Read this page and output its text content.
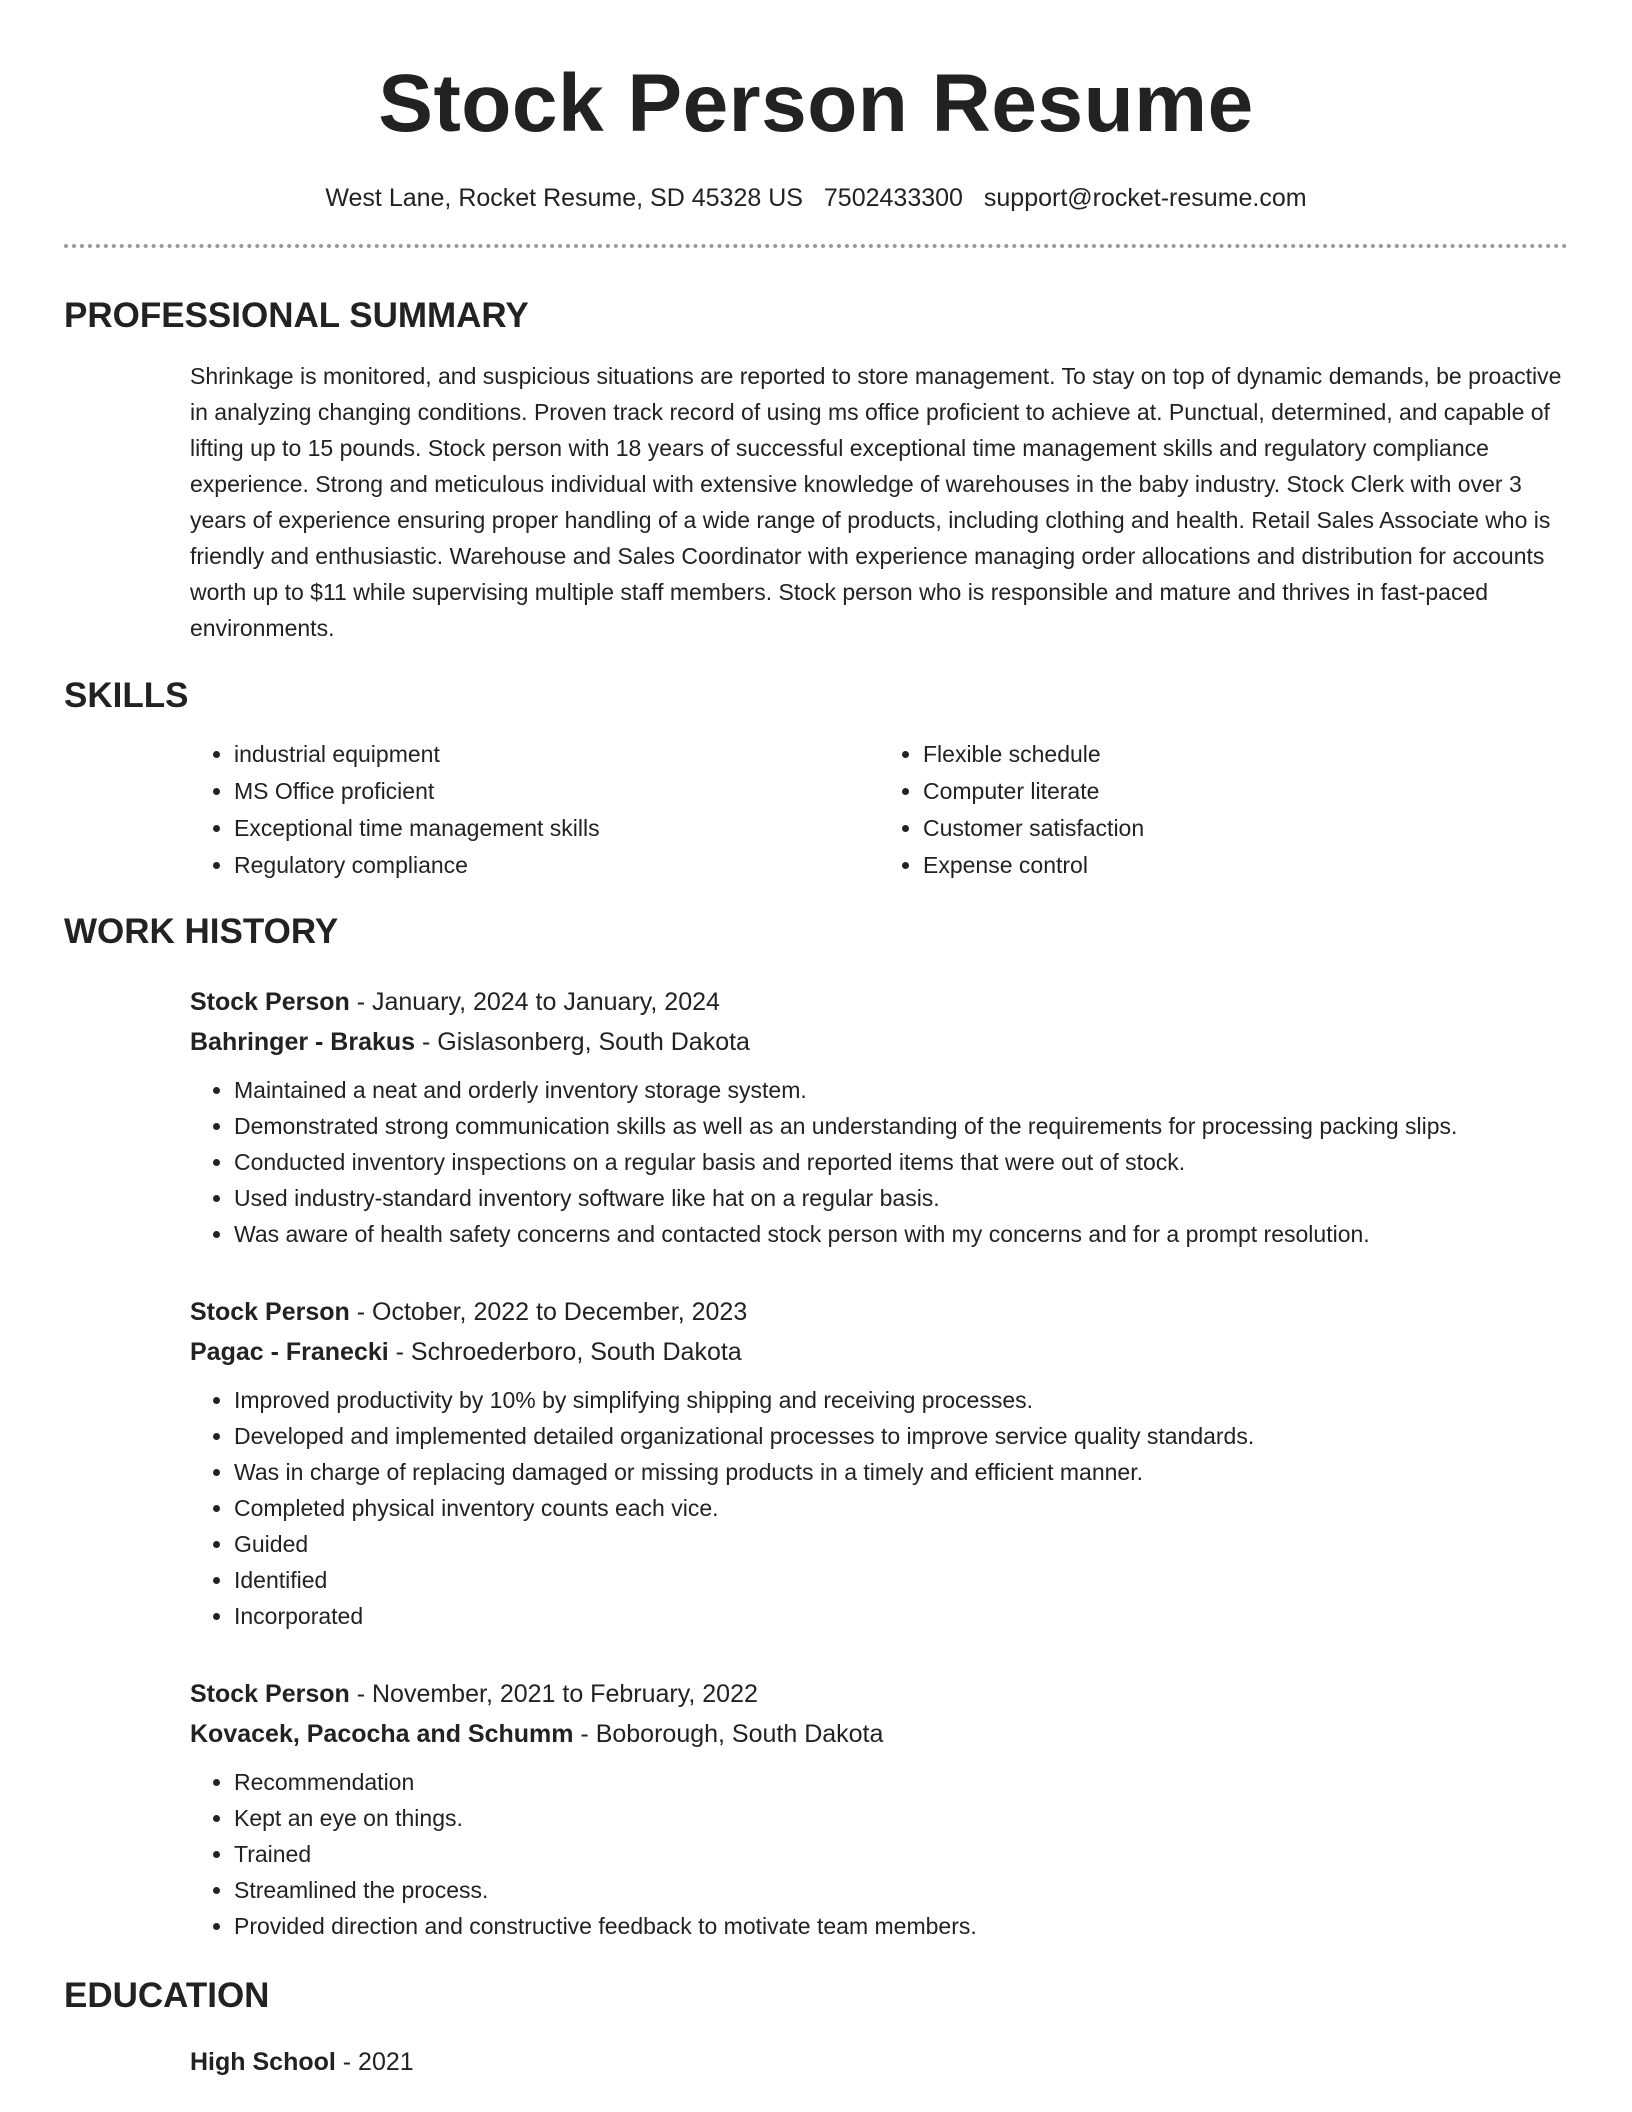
Stock Person Resume
West Lane, Rocket Resume, SD 45328 US 7502433300 support@rocket-resume.com
PROFESSIONAL SUMMARY
Shrinkage is monitored, and suspicious situations are reported to store management. To stay on top of dynamic demands, be proactive in analyzing changing conditions. Proven track record of using ms office proficient to achieve at. Punctual, determined, and capable of lifting up to 15 pounds. Stock person with 18 years of successful exceptional time management skills and regulatory compliance experience. Strong and meticulous individual with extensive knowledge of warehouses in the baby industry. Stock Clerk with over 3 years of experience ensuring proper handling of a wide range of products, including clothing and health. Retail Sales Associate who is friendly and enthusiastic. Warehouse and Sales Coordinator with experience managing order allocations and distribution for accounts worth up to $11 while supervising multiple staff members. Stock person who is responsible and mature and thrives in fast-paced environments.
SKILLS
• industrial equipment
• MS Office proficient
• Exceptional time management skills
• Regulatory compliance
• Flexible schedule
• Computer literate
• Customer satisfaction
• Expense control
WORK HISTORY
Stock Person - January, 2024 to January, 2024
Bahringer - Brakus - Gislasonberg, South Dakota
• Maintained a neat and orderly inventory storage system.
• Demonstrated strong communication skills as well as an understanding of the requirements for processing packing slips.
• Conducted inventory inspections on a regular basis and reported items that were out of stock.
• Used industry-standard inventory software like hat on a regular basis.
• Was aware of health safety concerns and contacted stock person with my concerns and for a prompt resolution.
Stock Person - October, 2022 to December, 2023
Pagac - Franecki - Schroederboro, South Dakota
• Improved productivity by 10% by simplifying shipping and receiving processes.
• Developed and implemented detailed organizational processes to improve service quality standards.
• Was in charge of replacing damaged or missing products in a timely and efficient manner.
• Completed physical inventory counts each vice.
• Guided
• Identified
• Incorporated
Stock Person - November, 2021 to February, 2022
Kovacek, Pacocha and Schumm - Boborough, South Dakota
• Recommendation
• Kept an eye on things.
• Trained
• Streamlined the process.
• Provided direction and constructive feedback to motivate team members.
EDUCATION
High School - 2021
